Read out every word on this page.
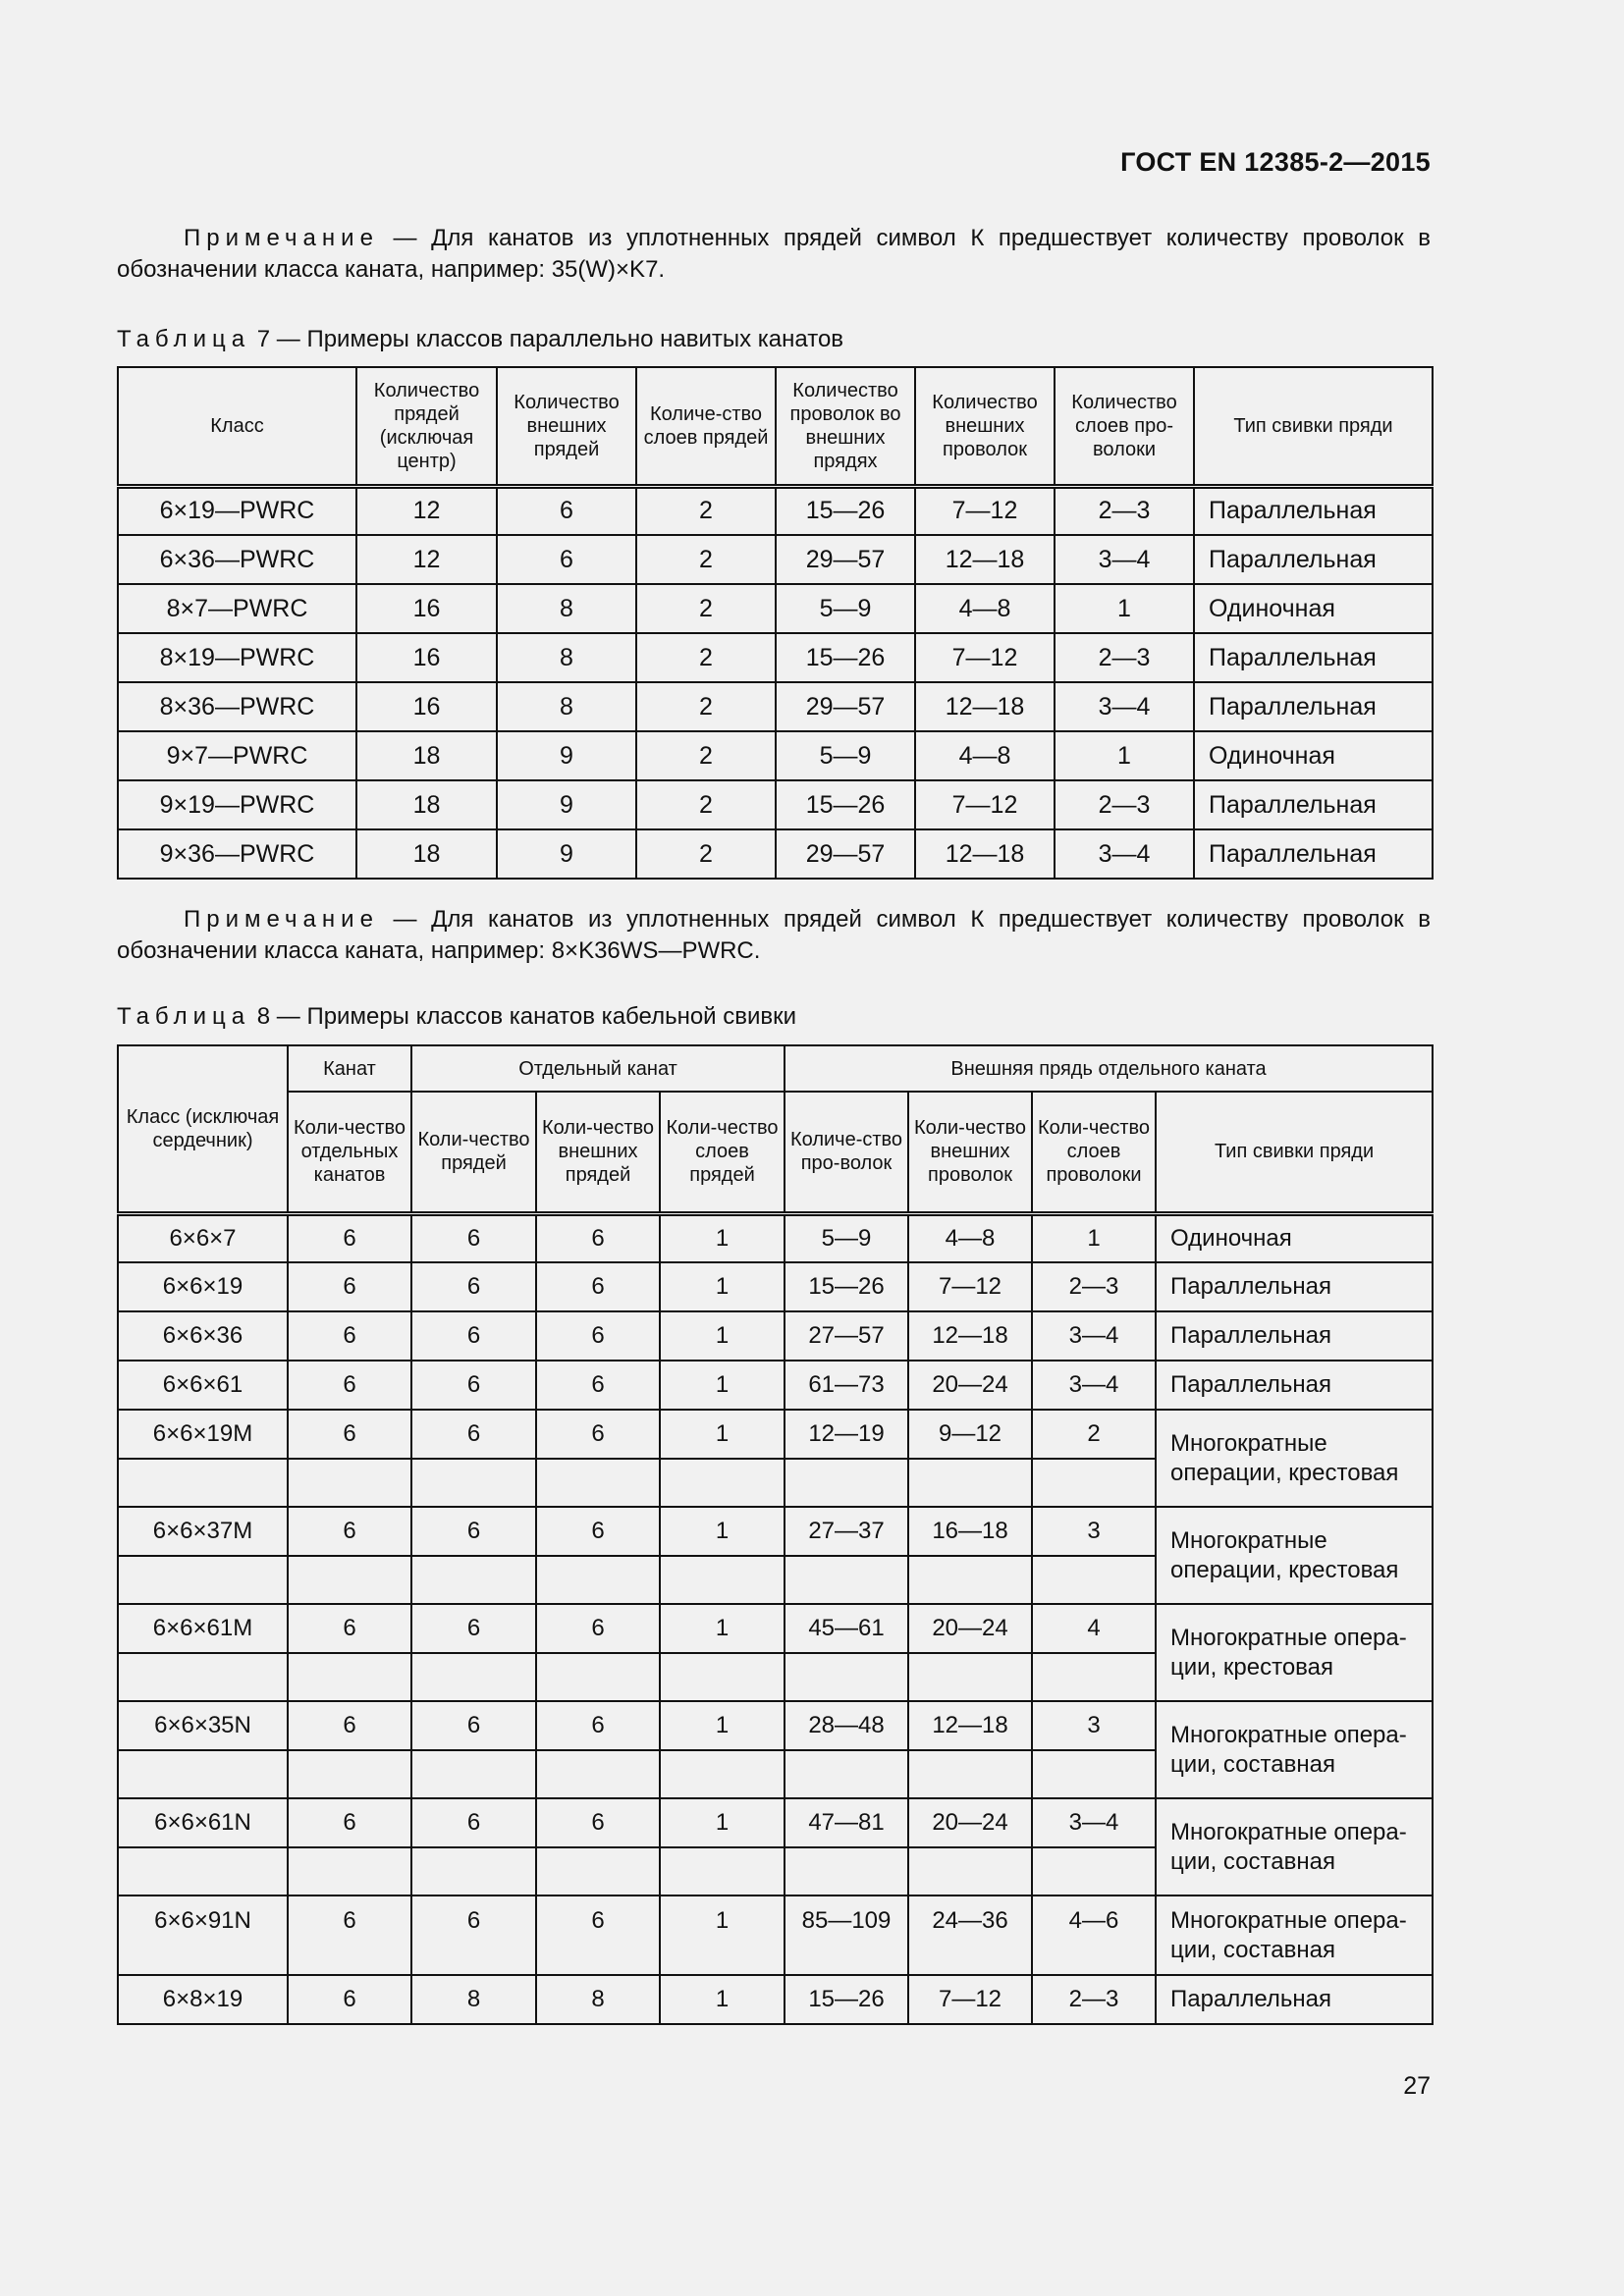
ГОСТ EN 12385-2—2015
Примечание — Для канатов из уплотненных прядей символ К предшествует количеству проволок в обозначении класса каната, например: 35(W)×K7.
Таблица 7 — Примеры классов параллельно навитых канатов
Класс	Количество прядей (исключая центр)	Количество внешних прядей	Количе-ство слоев прядей	Количество проволок во внешних прядях	Количество внешних проволок	Количество слоев про-волоки	Тип свивки пряди
6×19—PWRC	12	6	2	15—26	7—12	2—3	Параллельная
6×36—PWRC	12	6	2	29—57	12—18	3—4	Параллельная
8×7—PWRC	16	8	2	5—9	4—8	1	Одиночная
8×19—PWRC	16	8	2	15—26	7—12	2—3	Параллельная
8×36—PWRC	16	8	2	29—57	12—18	3—4	Параллельная
9×7—PWRC	18	9	2	5—9	4—8	1	Одиночная
9×19—PWRC	18	9	2	15—26	7—12	2—3	Параллельная
9×36—PWRC	18	9	2	29—57	12—18	3—4	Параллельная
Примечание — Для канатов из уплотненных прядей символ К предшествует количеству проволок в обозначении класса каната, например: 8×K36WS—PWRC.
Таблица 8 — Примеры классов канатов кабельной свивки
Класс (исключая сердечник)	Канат	Отдельный канат			Внешняя прядь отдельного каната			
	Коли-чество отдельных канатов	Коли-чество прядей	Коли-чество внешних прядей	Коли-чество слоев прядей	Количе-ство про-волок	Коли-чество внешних проволок	Коли-чество слоев проволоки	Тип свивки пряди
6×6×7	6	6	6	1	5—9	4—8	1	Одиночная
6×6×19	6	6	6	1	15—26	7—12	2—3	Параллельная
6×6×36	6	6	6	1	27—57	12—18	3—4	Параллельная
6×6×61	6	6	6	1	61—73	20—24	3—4	Параллельная
6×6×19M	6	6	6	1	12—19	9—12	2	Многократные операции, крестовая

6×6×37M	6	6	6	1	27—37	16—18	3	Многократные операции, крестовая

6×6×61M	6	6	6	1	45—61	20—24	4	Многократные опера-ции, крестовая

6×6×35N	6	6	6	1	28—48	12—18	3	Многократные опера-ции, составная

6×6×61N	6	6	6	1	47—81	20—24	3—4	Многократные опера-ции, составная

6×6×91N	6	6	6	1	85—109	24—36	4—6	Многократные опера-ции, составная
6×8×19	6	8	8	1	15—26	7—12	2—3	Параллельная
27
